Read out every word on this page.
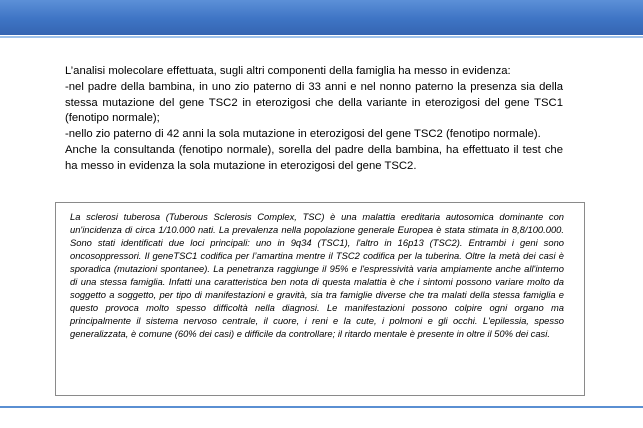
L’analisi molecolare effettuata, sugli altri componenti della famiglia ha messo in evidenza:

-nel padre della bambina, in uno zio paterno di 33 anni e nel nonno paterno la presenza sia della stessa mutazione del gene TSC2 in eterozigosi che della variante in eterozigosi del gene TSC1 (fenotipo normale);

-nello zio paterno di 42 anni la sola mutazione in eterozigosi del gene TSC2 (fenotipo normale).

Anche la consultanda (fenotipo normale), sorella del padre della bambina, ha effettuato il test che ha messo in evidenza la sola mutazione in eterozigosi del gene TSC2.

La sclerosi tuberosa (Tuberous Sclerosis Complex, TSC) è una malattia ereditaria autosomica dominante con un'incidenza di circa 1/10.000 nati. La prevalenza nella popolazione generale Europea è stata stimata in 8,8/100.000. Sono stati identificati due loci principali: uno in 9q34 (TSC1), l'altro in 16p13 (TSC2). Entrambi i geni sono oncosoppressori. Il geneTSC1 codifica per l’amartina mentre il TSC2 codifica per la tuberina. Oltre la metà dei casi è sporadica (mutazioni spontanee). La penetranza raggiunge il 95% e l'espressività varia ampiamente anche all'interno di una stessa famiglia. Infatti una caratteristica ben nota di questa malattia è che i sintomi possono variare molto da soggetto a soggetto, per tipo di manifestazioni e gravità, sia tra famiglie diverse che tra malati della stessa famiglia e questo provoca molto spesso difficoltà nella diagnosi. Le manifestazioni possono colpire ogni organo ma principalmente il sistema nervoso centrale, il cuore, i reni e la cute, i polmoni e gli occhi. L'epilessia, spesso generalizzata, è comune (60% dei casi) e difficile da controllare; il ritardo mentale è presente in oltre il 50% dei casi.
